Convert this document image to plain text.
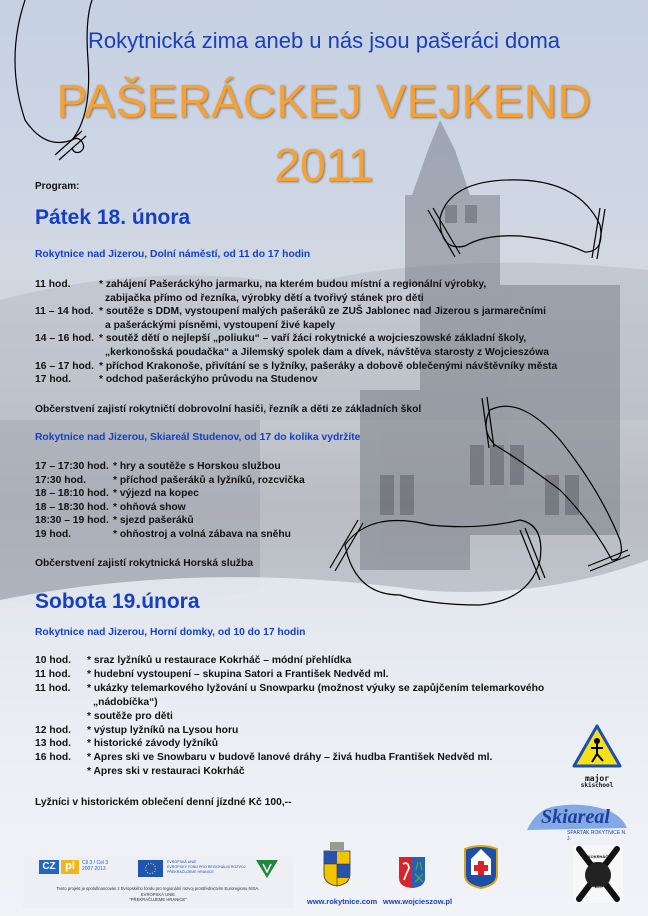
Rokytnická zima aneb u nás jsou pašeráci doma
PAŠERÁCKEJ VEJKEND
2011
Program:
Pátek 18. února
Rokytnice nad Jizerou, Dolní náměstí, od 11 do 17 hodin
11 hod.	* zahájení Pašeráckýho jarmarku, na kterém budou místní a regionální výrobky,
zabijačka přímo od řezníka, výrobky dětí a tvořivý stánek pro děti
11 – 14 hod. * soutěže s DDM, vystoupení malých pašeráků ze ZUŠ Jablonec nad Jizerou s jarmarečními
a pašeráckými písněmi, vystoupení živé kapely
14 – 16 hod. * soutěž dětí o nejlepší „poliuku“ – vaří žáci rokytnické a wojcieszowské základní školy,
„kerkonošská poudačka“ a Jilemský spolek dam a dívek, návštěva starosty z Wojcieszówa
16 – 17 hod. * příchod Krakonoše, přivítání se s lyžníky, pašeráky a dobově oblečenými návštěvníky města
17 hod.	* odchod pašeráckýho průvodu na Studenov
Občerstvení zajistí rokytničtí dobrovolní hasiči, řezník a děti ze základních škol
Rokytnice nad Jizerou, Skiareál Studenov, od 17 do kolika vydržíte
17 – 17:30 hod. * hry a soutěže s Horskou službou
17:30 hod.	* příchod pašeráků a lyžníků, rozcvička
18 – 18:10 hod. * výjezd na kopec
18 – 18:30 hod. * ohňová show
18:30 – 19 hod. * sjezd pašeráků
19 hod.	* ohňostroj a volná zábava na sněhu
Občerstvení zajistí rokytnická Horská služba
Sobota 19.února
Rokytnice nad Jizerou, Horní domky, od 10 do 17 hodin
10 hod.	* sraz lyžníků u restaurace Kokrháč – módní přehlídka
11 hod.	* hudební vystoupení – skupina Satori a František Nedvěd ml.
11 hod.	* ukázky telemarkového lyžování u Snowparku (možnost výuky se zapůjčením telemarkového
„nádobíčka“)
* soutěže pro děti
12 hod.	* výstup lyžníků na Lysou horu
13 hod.	* historické závody lyžníků
16 hod.	* Apres ski ve Snowbaru v budově lanové dráhy – živá hudba František Nedvěd ml.
* Apres ski v restauraci Kokrháč
Lyžníci v historickém oblečení denní jízdné Kč 100,--
major
skischool
Skiareal
SPARTAK ROKYTNICE N. J.
CZ pl	Cíl 3 / Cel 3
2007 2013
EVROPSKÁ UNIE
EVROPSKÝ FOND PRO REGIONÁLNÍ ROZVOJ
PŘEKRAČUJEME HRANICE
Tento projekt je spolufinancován z Evropského fondu pro regionální rozvoj prostřednictvím Euroregionu NISA.
EVROPSKÁ UNIE
"PŘEKRAČUJEME HRANICE"	www.rokytnice.com www.wojcieszow.pl
KOKRHÁČ
RESTAURANT
1480
